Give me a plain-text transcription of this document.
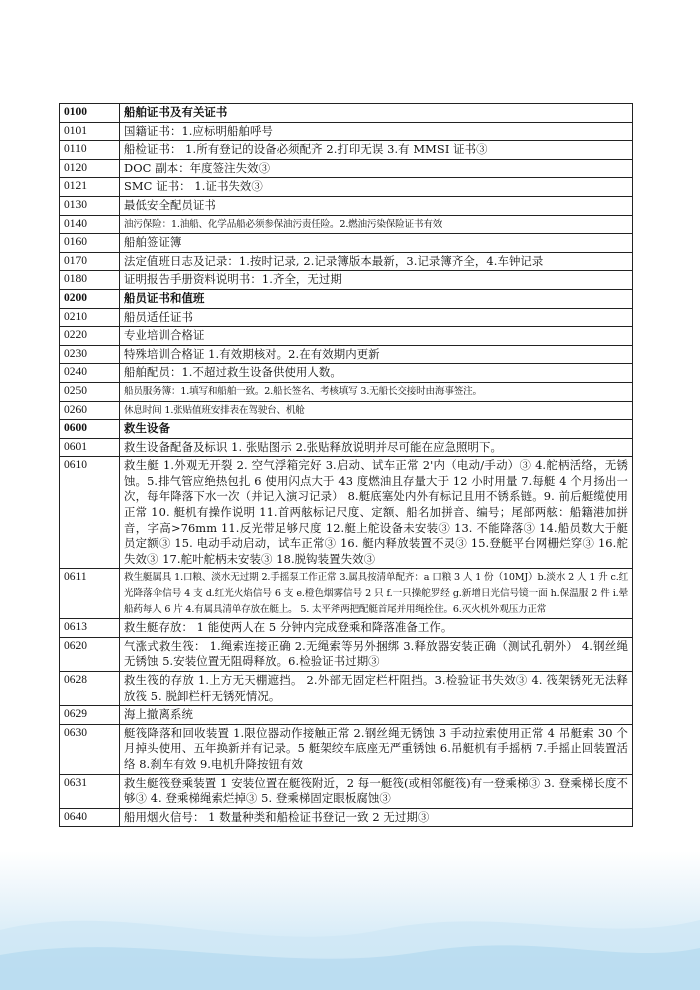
0100	船舶证书及有关证书

0101	国籍证书：1.应标明船舶呼号

0110	船检证书： 1.所有登记的设备必须配齐 2.打印无误 3.有 MMSI 证书③

0120	DOC 副本：年度签注失效③

0121	SMC 证书： 1.证书失效③

0130	最低安全配员证书

0140	油污保险：1.油船、化学品船必须参保油污责任险。2.燃油污染保险证书有效

0160	船舶签证簿

0170	法定值班日志及记录：1.按时记录, 2.记录簿版本最新，3.记录簿齐全，4.车钟记录

0180	证明报告手册资料说明书：1.齐全，无过期

0200	船员证书和值班

0210	船员适任证书

0220	专业培训合格证

0230	特殊培训合格证 1.有效期核对。2.在有效期内更新

0240	船舶配员：1.不超过救生设备供使用人数。

0250	船员服务簿：1.填写和船舶一致。2.船长签名、考核填写 3.无船长交接时由海事签注。

0260	休息时间 1.张贴值班安排表在驾驶台、机舱

0600	救生设备

0601	救生设备配备及标识 1. 张贴图示 2.张贴释放说明并尽可能在应急照明下。

0610	救生艇 1.外观无开裂 2. 空气浮箱完好 3.启动、试车正常 2'内（电动/手动）③ 4.舵柄活络，无锈蚀。5.排气管应绝热包扎 6 使用闪点大于 43 度燃油且存量大于 12 小时用量 7.每艇 4 个月扬出一次，每年降落下水一次（并记入演习记录） 8.艇底塞处内外有标记且用不锈系链。9. 前后艇缆使用正常 10. 艇机有操作说明 11.首两舷标记尺度、定额、船名加拼音、编号；尾部两舷：船籍港加拼音，字高>76mm 11.反光带足够尺度 12.艇上舵设备未安装③ 13. 不能降落③ 14.船员数大于艇员定额③ 15. 电动手动启动，试车正常③ 16. 艇内释放装置不灵③ 15.登艇平台网栅烂穿③ 16.舵失效③ 17.舵叶舵柄未安装③ 18.脱钩装置失效③

0611	救生艇属具 1.口粮、淡水无过期 2.手摇泵工作正常 3.属具按清单配齐：a 口粮 3 人 1 份（10MJ）b.淡水 2 人 1 升 c.红光降落伞信号 4 支 d.红光火焰信号 6 支 e.橙色烟雾信号 2 只 f.一只操舵罗经 g.新增日光信号镜一面 h.保温服 2 件 i.晕船药每人 6 片 4.有属具清单存放在艇上。 5. 太平斧两把配艇首尾并用绳拴住。6.灭火机外观压力正常

0613	救生艇存放： 1 能使两人在 5 分钟内完成登乘和降落准备工作。

0620	气涨式救生筏： 1.绳索连接正确 2.无绳索等另外捆绑 3.释放器安装正确（测试孔朝外） 4.钢丝绳无锈蚀 5.安装位置无阻碍释放。6.检验证书过期③

0628	救生筏的存放 1.上方无天棚遮挡。 2.外部无固定栏杆阻挡。3.检验证书失效③ 4. 筏架锈死无法释放筏 5. 脱卸栏杆无锈死情况。

0629	海上撤离系统

0630	艇筏降落和回收装置 1.限位器动作接触正常 2.钢丝绳无锈蚀 3 手动拉索使用正常 4 吊艇索 30 个月掉头使用、五年换新并有记录。5 艇架绞车底座无严重锈蚀 6.吊艇机有手摇柄 7.手摇止回装置活络 8.刹车有效 9.电机升降按钮有效

0631	救生艇筏登乘装置 1 安装位置在艇筏附近，2 每一艇筏(或相邻艇筏)有一登乘梯③ 3. 登乘梯长度不够③ 4. 登乘梯绳索烂掉③ 5. 登乘梯固定眼板腐蚀③

0640	船用烟火信号： 1 数量种类和船检证书登记一致 2 无过期③
